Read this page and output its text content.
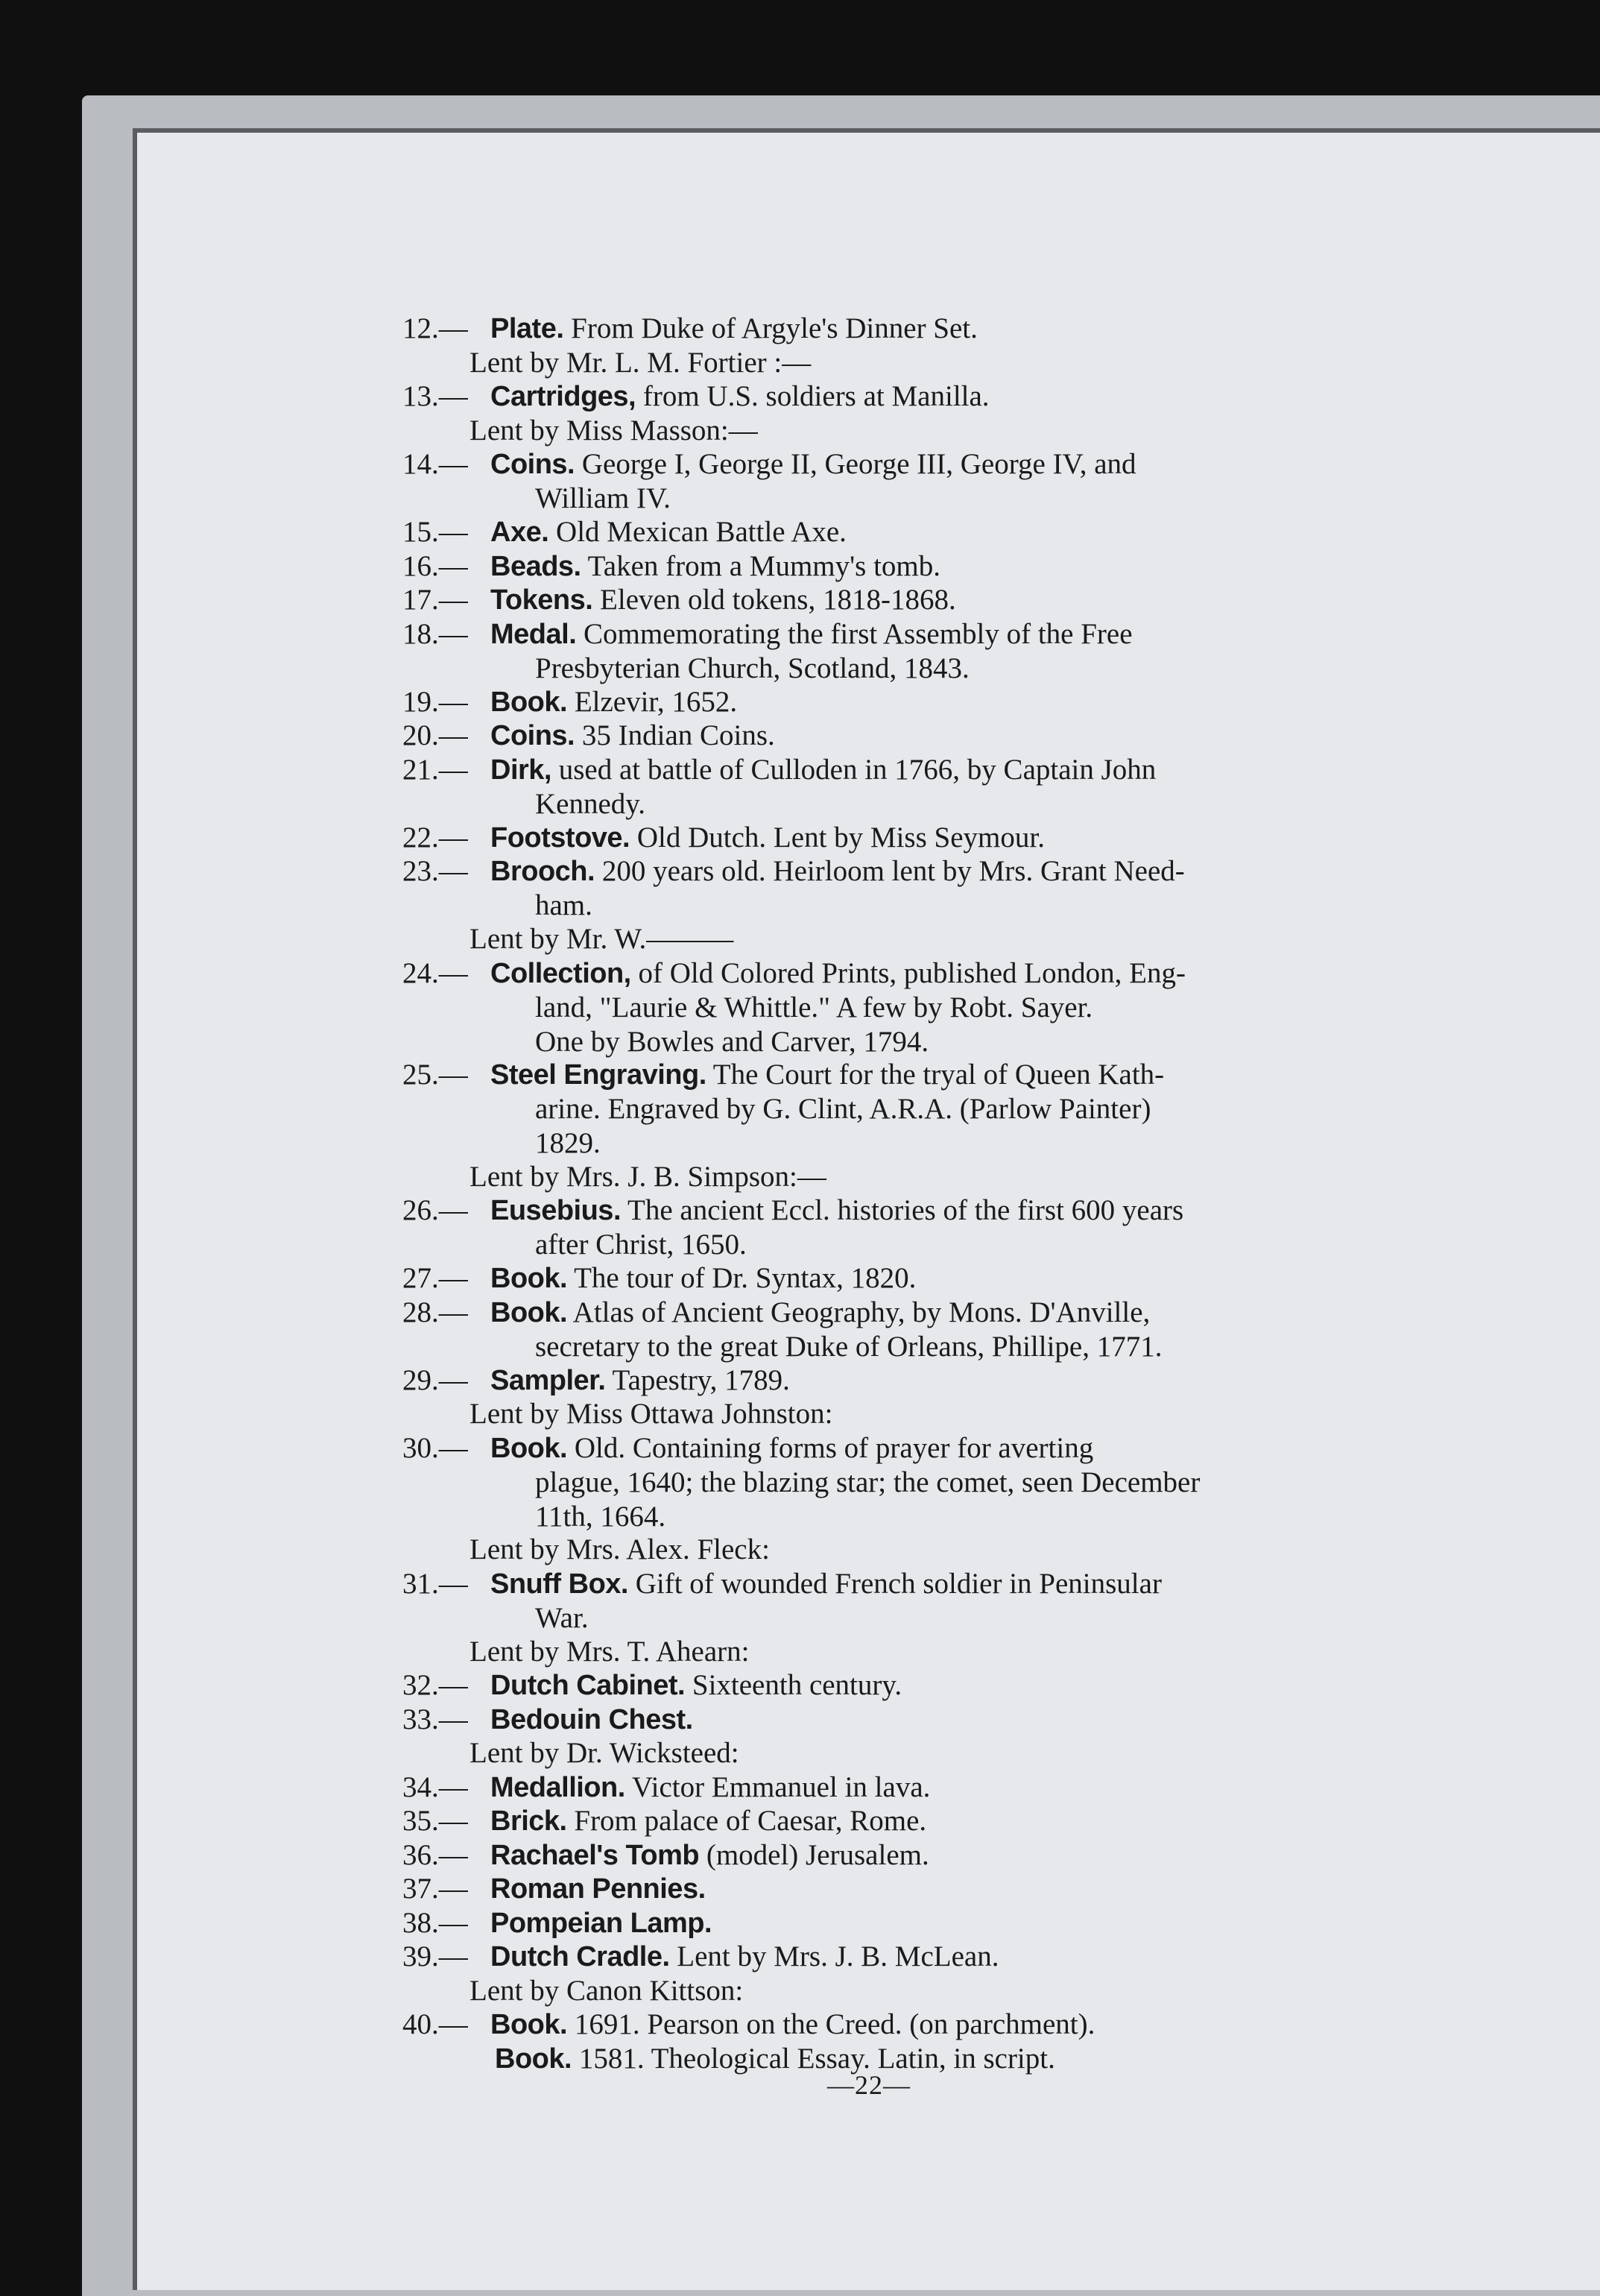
12.— Plate. From Duke of Argyle's Dinner Set.
Lent by Mr. L. M. Fortier :—
13.— Cartridges, from U.S. soldiers at Manilla.
Lent by Miss Masson:—
14.— Coins. George I, George II, George III, George IV, and
William IV.
15.— Axe. Old Mexican Battle Axe.
16.— Beads. Taken from a Mummy's tomb.
17.— Tokens. Eleven old tokens, 1818-1868.
18.— Medal. Commemorating the first Assembly of the Free
Presbyterian Church, Scotland, 1843.
19.— Book. Elzevir, 1652.
20.— Coins. 35 Indian Coins.
21.— Dirk, used at battle of Culloden in 1766, by Captain John
Kennedy.
22.— Footstove. Old Dutch. Lent by Miss Seymour.
23.— Brooch. 200 years old. Heirloom lent by Mrs. Grant Need-
ham.
Lent by Mr. W.———
24.— Collection, of Old Colored Prints, published London, Eng-
land, "Laurie & Whittle." A few by Robt. Sayer.
One by Bowles and Carver, 1794.
25.— Steel Engraving. The Court for the tryal of Queen Kath-
arine. Engraved by G. Clint, A.R.A. (Parlow Painter)
1829.
Lent by Mrs. J. B. Simpson:—
26.— Eusebius. The ancient Eccl. histories of the first 600 years
after Christ, 1650.
27.— Book. The tour of Dr. Syntax, 1820.
28.— Book. Atlas of Ancient Geography, by Mons. D'Anville,
secretary to the great Duke of Orleans, Phillipe, 1771.
29.— Sampler. Tapestry, 1789.
Lent by Miss Ottawa Johnston:
30.— Book. Old. Containing forms of prayer for averting
plague, 1640; the blazing star; the comet, seen December
11th, 1664.
Lent by Mrs. Alex. Fleck:
31.— Snuff Box. Gift of wounded French soldier in Peninsular
War.
Lent by Mrs. T. Ahearn:
32.— Dutch Cabinet. Sixteenth century.
33.— Bedouin Chest.
Lent by Dr. Wicksteed:
34.— Medallion. Victor Emmanuel in lava.
35.— Brick. From palace of Caesar, Rome.
36.— Rachael's Tomb (model) Jerusalem.
37.— Roman Pennies.
38.— Pompeian Lamp.
39.— Dutch Cradle. Lent by Mrs. J. B. McLean.
Lent by Canon Kittson:
40.— Book. 1691. Pearson on the Creed. (on parchment).
Book. 1581. Theological Essay. Latin, in script.
—22—
